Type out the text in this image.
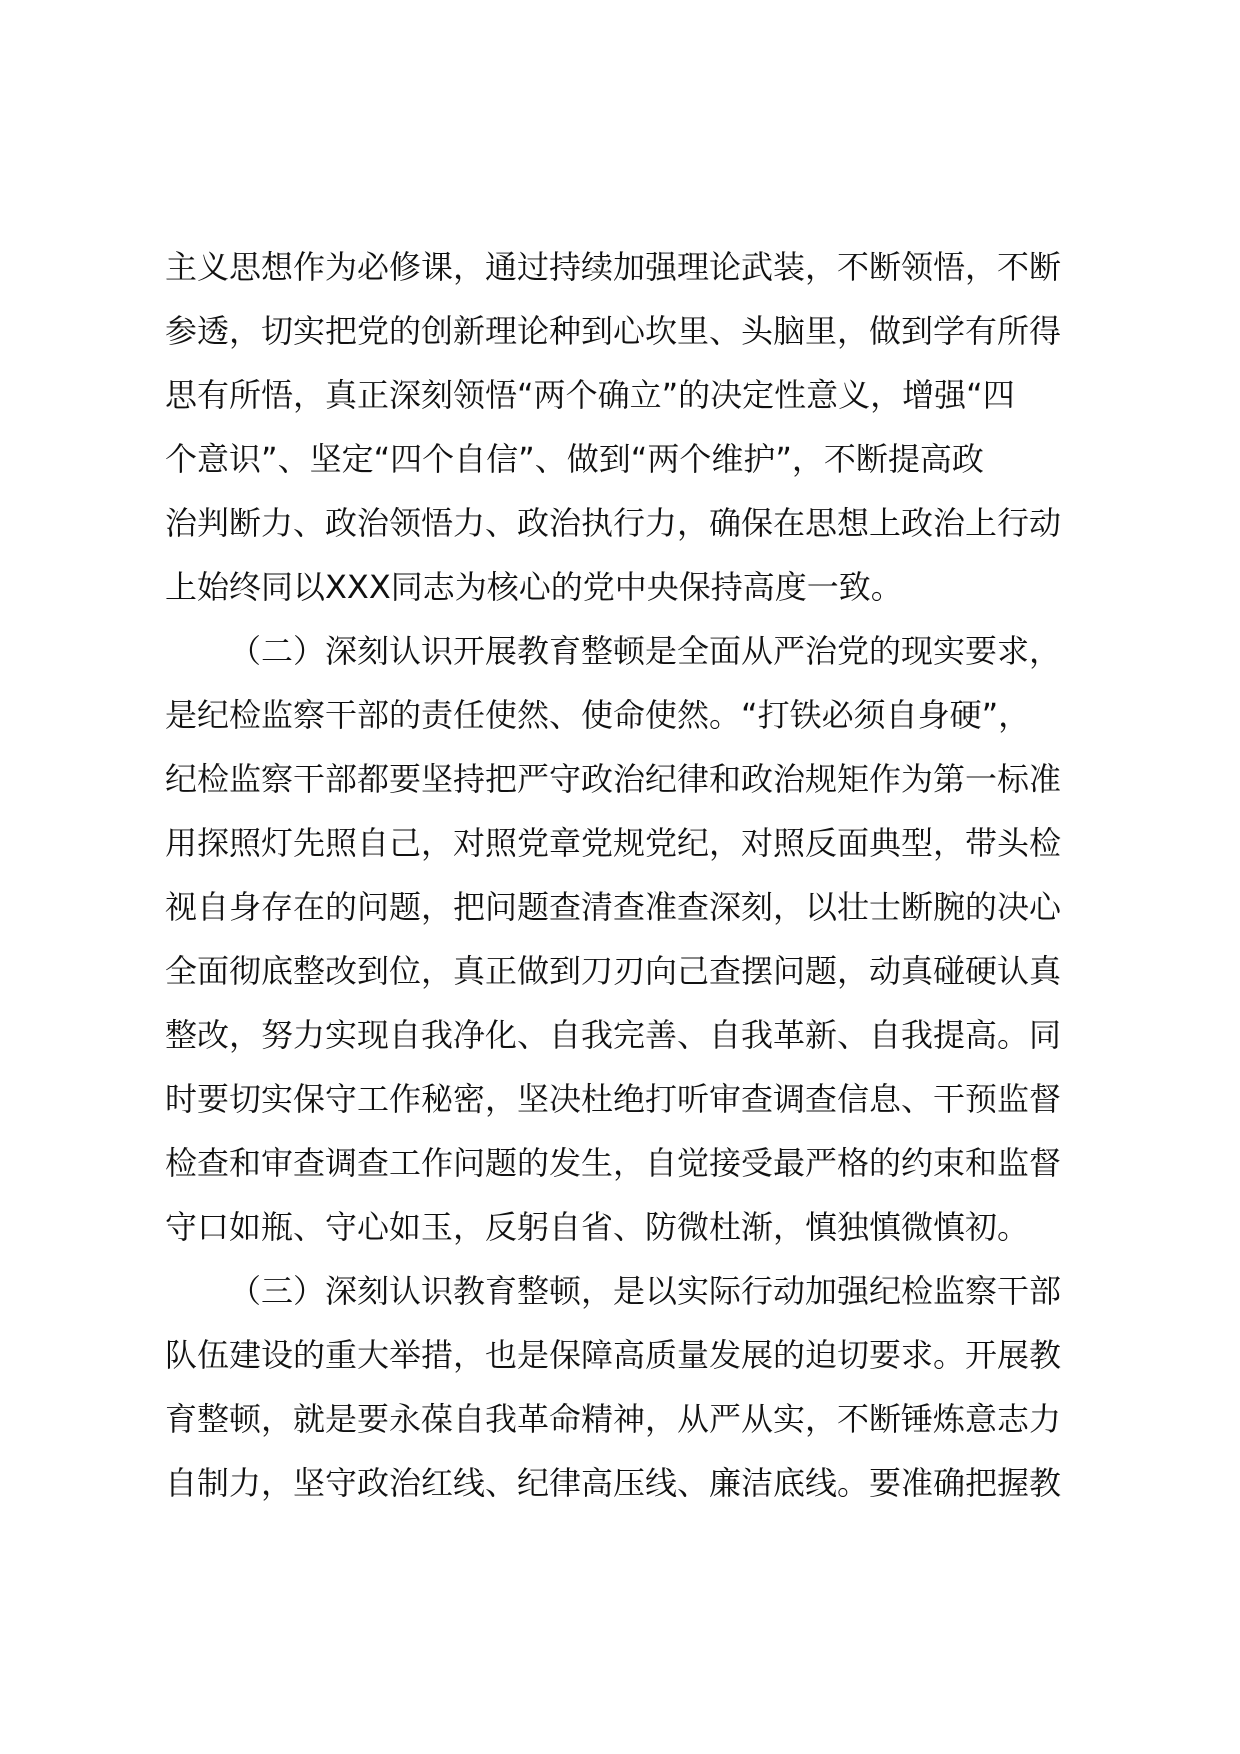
主义思想作为必修课，通过持续加强理论武装，不断领悟，不断
参透，切实把党的创新理论种到心坎里、头脑里，做到学有所得
思有所悟，真正深刻领悟“两个确立”的决定性意义，增强“四
个意识”、坚定“四个自信”、做到“两个维护”，不断提高政
治判断力、政治领悟力、政治执行力，确保在思想上政治上行动
上始终同以XXX同志为核心的党中央保持高度一致。
（二）深刻认识开展教育整顿是全面从严治党的现实要求，
是纪检监察干部的责任使然、使命使然。“打铁必须自身硬”，
纪检监察干部都要坚持把严守政治纪律和政治规矩作为第一标准
用探照灯先照自己，对照党章党规党纪，对照反面典型，带头检
视自身存在的问题，把问题查清查准查深刻，以壮士断腕的决心
全面彻底整改到位，真正做到刀刃向己查摆问题，动真碰硬认真
整改，努力实现自我净化、自我完善、自我革新、自我提高。同
时要切实保守工作秘密，坚决杜绝打听审查调查信息、干预监督
检查和审查调查工作问题的发生，自觉接受最严格的约束和监督
守口如瓶、守心如玉，反躬自省、防微杜渐，慎独慎微慎初。
（三）深刻认识教育整顿，是以实际行动加强纪检监察干部
队伍建设的重大举措，也是保障高质量发展的迫切要求。开展教
育整顿，就是要永葆自我革命精神，从严从实，不断锤炼意志力
自制力，坚守政治红线、纪律高压线、廉洁底线。要准确把握教
